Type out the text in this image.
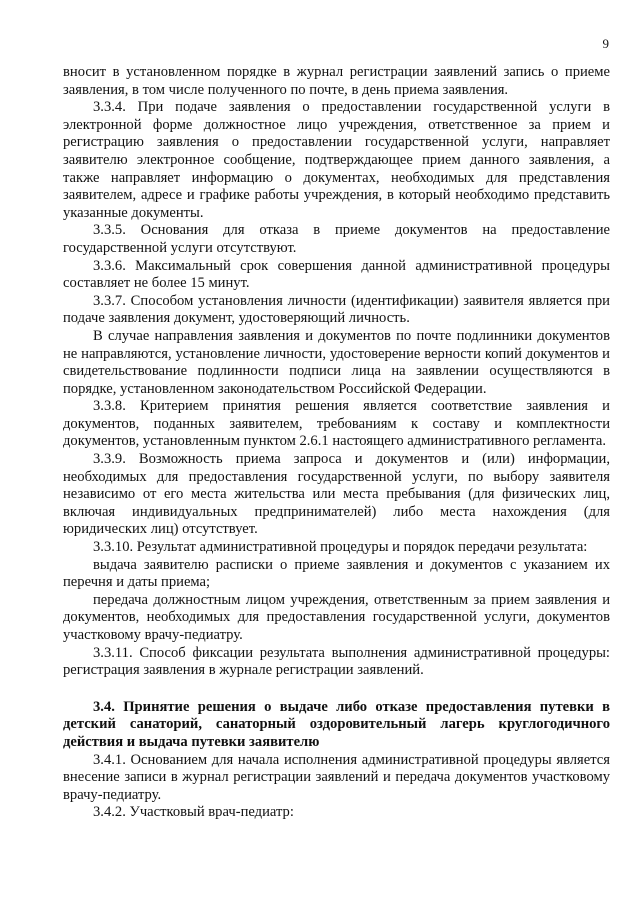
9

вносит в установленном порядке в журнал регистрации заявлений запись о приеме заявления, в том числе полученного по почте, в день приема заявления.

3.3.4. При подаче заявления о предоставлении государственной услуги в электронной форме должностное лицо учреждения, ответственное за прием и регистрацию заявления о предоставлении государственной услуги, направляет заявителю электронное сообщение, подтверждающее прием данного заявления, а также направляет информацию о документах, необходимых для представления заявителем, адресе и графике работы учреждения, в который необходимо представить указанные документы.

3.3.5. Основания для отказа в приеме документов на предоставление государственной услуги отсутствуют.

3.3.6. Максимальный срок совершения данной административной процедуры составляет не более 15 минут.

3.3.7. Способом установления личности (идентификации) заявителя является при подаче заявления документ, удостоверяющий личность.

В случае направления заявления и документов по почте подлинники документов не направляются, установление личности, удостоверение верности копий документов и свидетельствование подлинности подписи лица на заявлении осуществляются в порядке, установленном законодательством Российской Федерации.

3.3.8. Критерием принятия решения является соответствие заявления и документов, поданных заявителем, требованиям к составу и комплектности документов, установленным пунктом 2.6.1 настоящего административного регламента.

3.3.9. Возможность приема запроса и документов и (или) информации, необходимых для предоставления государственной услуги, по выбору заявителя независимо от его места жительства или места пребывания (для физических лиц, включая индивидуальных предпринимателей) либо места нахождения (для юридических лиц) отсутствует.

3.3.10. Результат административной процедуры и порядок передачи результата:

выдача заявителю расписки о приеме заявления и документов с указанием их перечня и даты приема;

передача должностным лицом учреждения, ответственным за прием заявления и документов, необходимых для предоставления государственной услуги, документов участковому врачу-педиатру.

3.3.11. Способ фиксации результата выполнения административной процедуры: регистрация заявления в журнале регистрации заявлений.

3.4. Принятие решения о выдаче либо отказе предоставления путевки в детский санаторий, санаторный оздоровительный лагерь круглогодичного действия и выдача путевки заявителю

3.4.1. Основанием для начала исполнения административной процедуры является внесение записи в журнал регистрации заявлений и передача документов участковому врачу-педиатру.

3.4.2. Участковый врач-педиатр:
